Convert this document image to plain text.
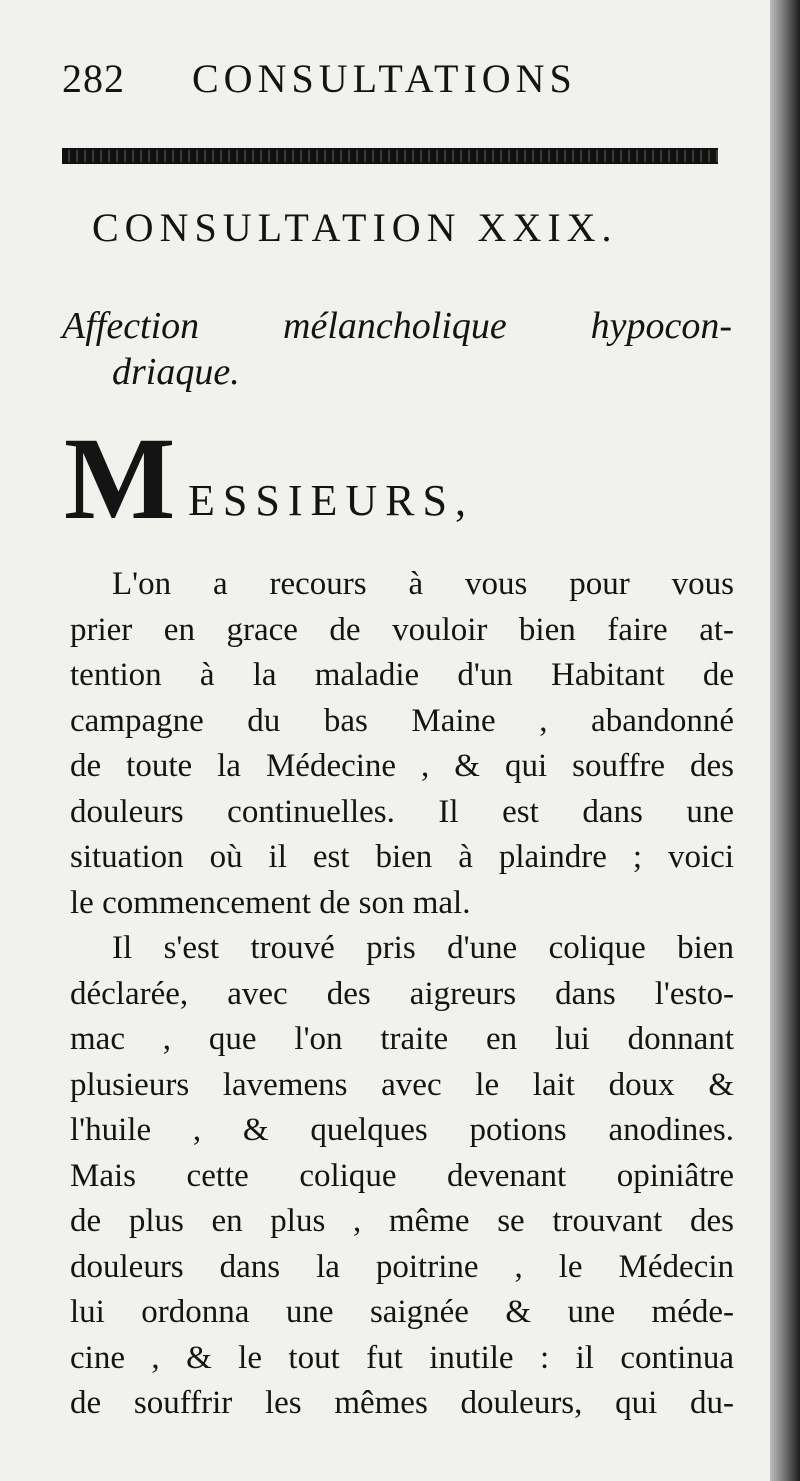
282 CONSULTATIONS
CONSULTATION XXIX.
Affection mélancholique hypocon-
driaque.
M ESSIEURS,
L'on a recours à vous pour vous
prier en grace de vouloir bien faire at-
tention à la maladie d'un Habitant de
campagne du bas Maine , abandonné
de toute la Médecine , & qui souffre des
douleurs continuelles. Il est dans une
situation où il est bien à plaindre ; voici
le commencement de son mal.
Il s'est trouvé pris d'une colique bien
déclarée, avec des aigreurs dans l'esto-
mac , que l'on traite en lui donnant
plusieurs lavemens avec le lait doux &
l'huile , & quelques potions anodines.
Mais cette colique devenant opiniâtre
de plus en plus , même se trouvant des
douleurs dans la poitrine , le Médecin
lui ordonna une saignée & une méde-
cine , & le tout fut inutile : il continua
de souffrir les mêmes douleurs, qui du-
